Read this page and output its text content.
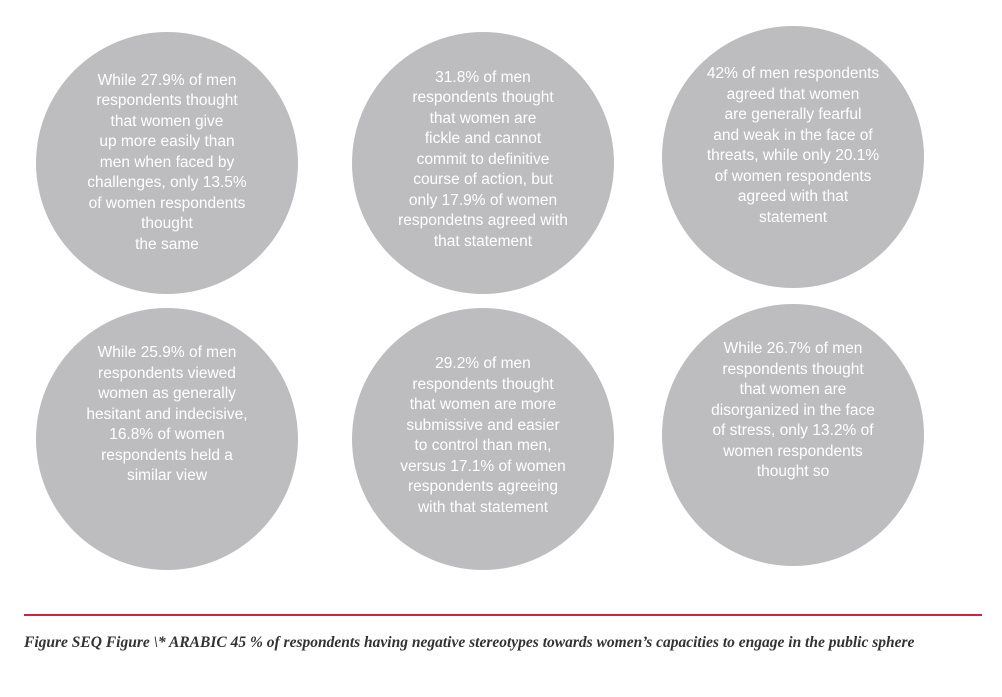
While 27.9% of men
respondents thought
that women give
up more easily than
men when faced by
challenges, only 13.5%
of women respondents
thought
the same
31.8% of men
respondents thought
that women are
fickle and cannot
commit to definitive
course of action, but
only 17.9% of women
respondetns agreed with
that statement
42% of men respondents
agreed that women
are generally fearful
and weak in the face of
threats, while only 20.1%
of women respondents
agreed with that
statement
While 25.9% of men
respondents viewed
women as generally
hesitant and indecisive,
16.8% of women
respondents held a
similar view
29.2% of men
respondents thought
that women are more
submissive and easier
to control than men,
versus 17.1% of women
respondents agreeing
with that statement
While 26.7% of men
respondents thought
that women are
disorganized in the face
of stress, only 13.2% of
women respondents
thought so
Figure SEQ Figure \* ARABIC 45 % of respondents having negative stereotypes towards women’s capacities to engage in the public sphere
